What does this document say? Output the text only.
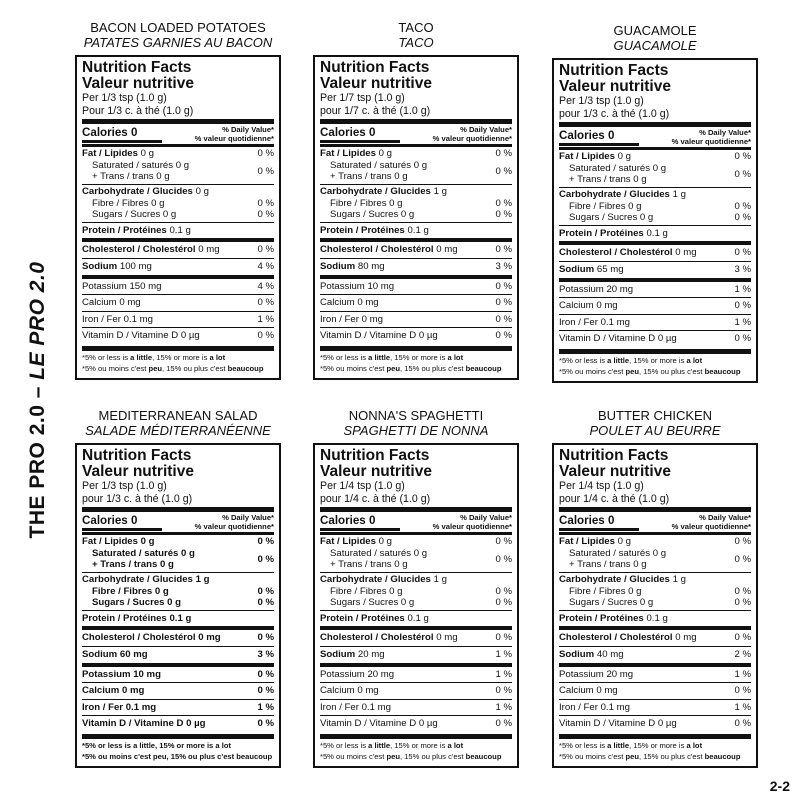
THE PRO 2.0 – LE PRO 2.0
BACON LOADED POTATOES
PATATES GARNIES AU BACON
Nutrition Facts
Valeur nutritive
Per 1/3 tsp (1.0 g)
Pour 1/3 c. à thé (1.0 g)
Calories 0	% Daily Value*
% valeur quotidienne*
Fat / Lipides 0 g	0 %
Saturated / saturés 0 g
+ Trans / trans 0 g
0 %
Carbohydrate / Glucides 0 g
Fibre / Fibres 0 g	0 %
Sugars / Sucres 0 g	0 %
Protein / Protéines 0.1 g
Cholesterol / Cholestérol 0 mg	0 %
Sodium 100 mg	4 %
Potassium 150 mg	4 %
Calcium 0 mg	0 %
Iron / Fer 0.1 mg	1 %
Vitamin D / Vitamine D 0 µg	0 %
*5% or less is a little, 15% or more is a lot
*5% ou moins c'est peu, 15% ou plus c'est beaucoup
TACO
TACO
Nutrition Facts
Valeur nutritive
Per 1/7 tsp (1.0 g)
pour 1/7 c. à thé (1.0 g)
Calories 0	% Daily Value*
% valeur quotidienne*
Fat / Lipides 0 g	0 %
Saturated / saturés 0 g
+ Trans / trans 0 g
0 %
Carbohydrate / Glucides 1 g
Fibre / Fibres 0 g	0 %
Sugars / Sucres 0 g	0 %
Protein / Protéines 0.1 g
Cholesterol / Cholestérol 0 mg	0 %
Sodium 80 mg	3 %
Potassium 10 mg	0 %
Calcium 0 mg	0 %
Iron / Fer 0 mg	0 %
Vitamin D / Vitamine D 0 µg	0 %
*5% or less is a little, 15% or more is a lot
*5% ou moins c'est peu, 15% ou plus c'est beaucoup
GUACAMOLE
GUACAMOLE
Nutrition Facts
Valeur nutritive
Per 1/3 tsp (1.0 g)
pour 1/3 c. à thé (1.0 g)
Calories 0	% Daily Value*
% valeur quotidienne*
Fat / Lipides 0 g	0 %
Saturated / saturés 0 g
+ Trans / trans 0 g
0 %
Carbohydrate / Glucides 1 g
Fibre / Fibres 0 g	0 %
Sugars / Sucres 0 g	0 %
Protein / Protéines 0.1 g
Cholesterol / Cholestérol 0 mg	0 %
Sodium 65 mg	3 %
Potassium 20 mg	1 %
Calcium 0 mg	0 %
Iron / Fer 0.1 mg	1 %
Vitamin D / Vitamine D 0 µg	0 %
*5% or less is a little, 15% or more is a lot
*5% ou moins c'est peu, 15% ou plus c'est beaucoup
MEDITERRANEAN SALAD
SALADE MÉDITERRANÉENNE
Nutrition Facts
Valeur nutritive
Per 1/3 tsp (1.0 g)
pour 1/3 c. à thé (1.0 g)
Calories 0	% Daily Value*
% valeur quotidienne*
Fat / Lipides 0 g	0 %
Saturated / saturés 0 g
+ Trans / trans 0 g
0 %
Carbohydrate / Glucides 1 g
Fibre / Fibres 0 g	0 %
Sugars / Sucres 0 g	0 %
Protein / Protéines 0.1 g
Cholesterol / Cholestérol 0 mg	0 %
Sodium 60 mg	3 %
Potassium 10 mg	0 %
Calcium 0 mg	0 %
Iron / Fer 0.1 mg	1 %
Vitamin D / Vitamine D 0 µg	0 %
*5% or less is a little, 15% or more is a lot
*5% ou moins c'est peu, 15% ou plus c'est beaucoup
NONNA'S SPAGHETTI
SPAGHETTI DE NONNA
Nutrition Facts
Valeur nutritive
Per 1/4 tsp (1.0 g)
pour 1/4 c. à thé (1.0 g)
Calories 0	% Daily Value*
% valeur quotidienne*
Fat / Lipides 0 g	0 %
Saturated / saturés 0 g
+ Trans / trans 0 g
0 %
Carbohydrate / Glucides 1 g
Fibre / Fibres 0 g	0 %
Sugars / Sucres 0 g	0 %
Protein / Protéines 0.1 g
Cholesterol / Cholestérol 0 mg	0 %
Sodium 20 mg	1 %
Potassium 20 mg	1 %
Calcium 0 mg	0 %
Iron / Fer 0.1 mg	1 %
Vitamin D / Vitamine D 0 µg	0 %
*5% or less is a little, 15% or more is a lot
*5% ou moins c'est peu, 15% ou plus c'est beaucoup
BUTTER CHICKEN
POULET AU BEURRE
Nutrition Facts
Valeur nutritive
Per 1/4 tsp (1.0 g)
pour 1/4 c. à thé (1.0 g)
Calories 0	% Daily Value*
% valeur quotidienne*
Fat / Lipides 0 g	0 %
Saturated / saturés 0 g
+ Trans / trans 0 g
0 %
Carbohydrate / Glucides 1 g
Fibre / Fibres 0 g	0 %
Sugars / Sucres 0 g	0 %
Protein / Protéines 0.1 g
Cholesterol / Cholestérol 0 mg	0 %
Sodium 40 mg	2 %
Potassium 20 mg	1 %
Calcium 0 mg	0 %
Iron / Fer 0.1 mg	1 %
Vitamin D / Vitamine D 0 µg	0 %
*5% or less is a little, 15% or more is a lot
*5% ou moins c'est peu, 15% ou plus c'est beaucoup
2-2
